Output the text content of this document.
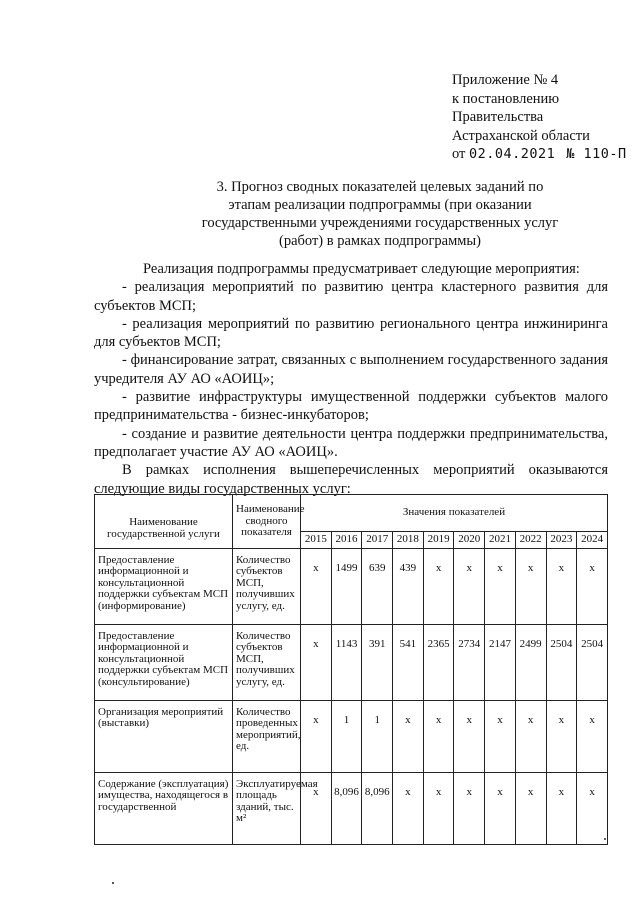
Приложение № 4
к постановлению
Правительства
Астраханской области
от 02.04.2021 № 110-П
3. Прогноз сводных показателей целевых заданий по этапам реализации подпрограммы (при оказании государственными учреждениями государственных услуг (работ) в рамках подпрограммы)

Реализация подпрограммы предусматривает следующие мероприятия:

- реализация мероприятий по развитию центра кластерного развития для субъектов МСП;

- реализация мероприятий по развитию регионального центра инжиниринга для субъектов МСП;

- финансирование затрат, связанных с выполнением государственного задания учредителя АУ АО «АОИЦ»;

- развитие инфраструктуры имущественной поддержки субъектов малого предпринимательства - бизнес-инкубаторов;

- создание и развитие деятельности центра поддержки предпринимательства, предполагает участие АУ АО «АОИЦ».

В рамках исполнения вышеперечисленных мероприятий оказываются следующие виды государственных услуг:

Наименование государственной услуги	Наименование сводного показателя	Значения показателей									
		2015	2016	2017	2018	2019	2020	2021	2022	2023	2024
Предоставление информационной и консультационной поддержки субъектам МСП (информирование)	Количество субъектов МСП, получивших услугу, ед.	x	1499	639	439	x	x	x	x	x	x
Предоставление информационной и консультационной поддержки субъектам МСП (консультирование)	Количество субъектов МСП, получивших услугу, ед.	x	1143	391	541	2365	2734	2147	2499	2504	2504
Организация мероприятий (выставки)	Количество проведенных мероприятий, ед.	x	1	1	x	x	x	x	x	x	x
Содержание (эксплуатация) имущества, находящегося в государственной	Эксплуатируемая площадь зданий, тыс. м²	x	8,096	8,096	x	x	x	x	x	x	x
